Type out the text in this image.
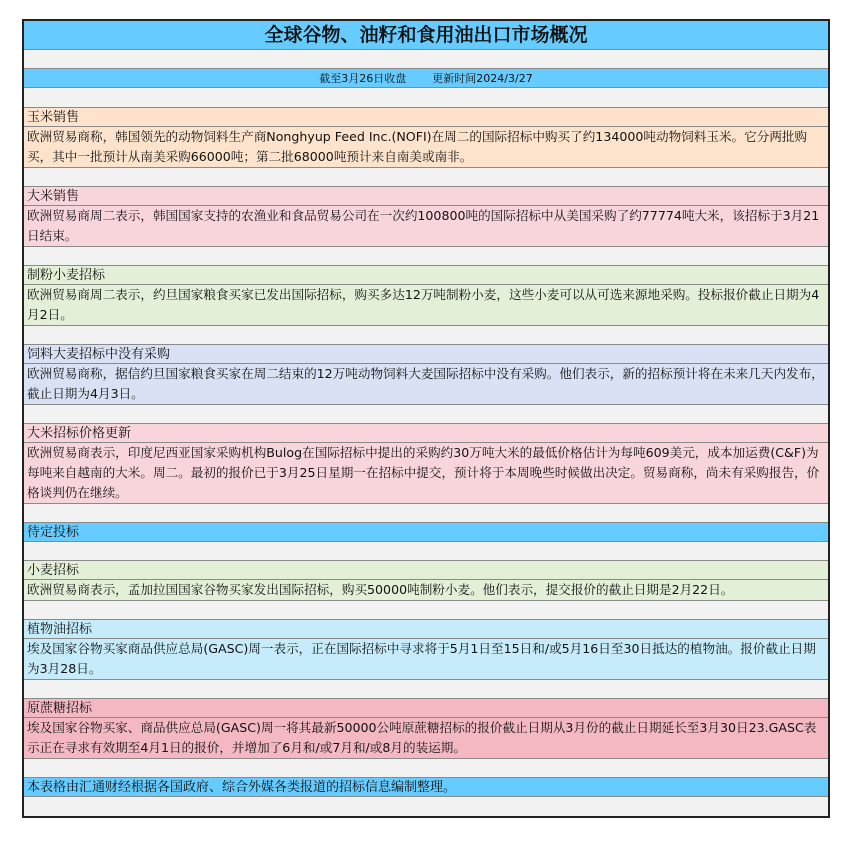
全球谷物、油籽和食用油出口市场概况
截至3月26日收盘 更新时间2024/3/27
玉米销售
欧洲贸易商称，韩国领先的动物饲料生产商Nonghyup Feed Inc.(NOFI)在周二的国际招标中购买了约134000吨动物饲料玉米。它分两批购买，其中一批预计从南美采购66000吨；第二批68000吨预计来自南美或南非。
大米销售
欧洲贸易商周二表示，韩国国家支持的农渔业和食品贸易公司在一次约100800吨的国际招标中从美国采购了约77774吨大米，该招标于3月21日结束。
制粉小麦招标
欧洲贸易商周二表示，约旦国家粮食买家已发出国际招标，购买多达12万吨制粉小麦，这些小麦可以从可选来源地采购。投标报价截止日期为4月2日。
饲料大麦招标中没有采购
欧洲贸易商称，据信约旦国家粮食买家在周二结束的12万吨动物饲料大麦国际招标中没有采购。他们表示，新的招标预计将在未来几天内发布，截止日期为4月3日。
大米招标价格更新
欧洲贸易商表示，印度尼西亚国家采购机构Bulog在国际招标中提出的采购约30万吨大米的最低价格估计为每吨609美元，成本加运费(C&F)为每吨来自越南的大米。周二。最初的报价已于3月25日星期一在招标中提交，预计将于本周晚些时候做出决定。贸易商称，尚未有采购报告，价格谈判仍在继续。
待定投标
小麦招标
欧洲贸易商表示，孟加拉国国家谷物买家发出国际招标，购买50000吨制粉小麦。他们表示，提交报价的截止日期是2月22日。
植物油招标
埃及国家谷物买家商品供应总局(GASC)周一表示，正在国际招标中寻求将于5月1日至15日和/或5月16日至30日抵达的植物油。报价截止日期为3月28日。
原蔗糖招标
埃及国家谷物买家、商品供应总局(GASC)周一将其最新50000公吨原蔗糖招标的报价截止日期从3月份的截止日期延长至3月30日23.GASC表示正在寻求有效期至4月1日的报价，并增加了6月和/或7月和/或8月的装运期。
本表格由汇通财经根据各国政府、综合外媒各类报道的招标信息编制整理。
